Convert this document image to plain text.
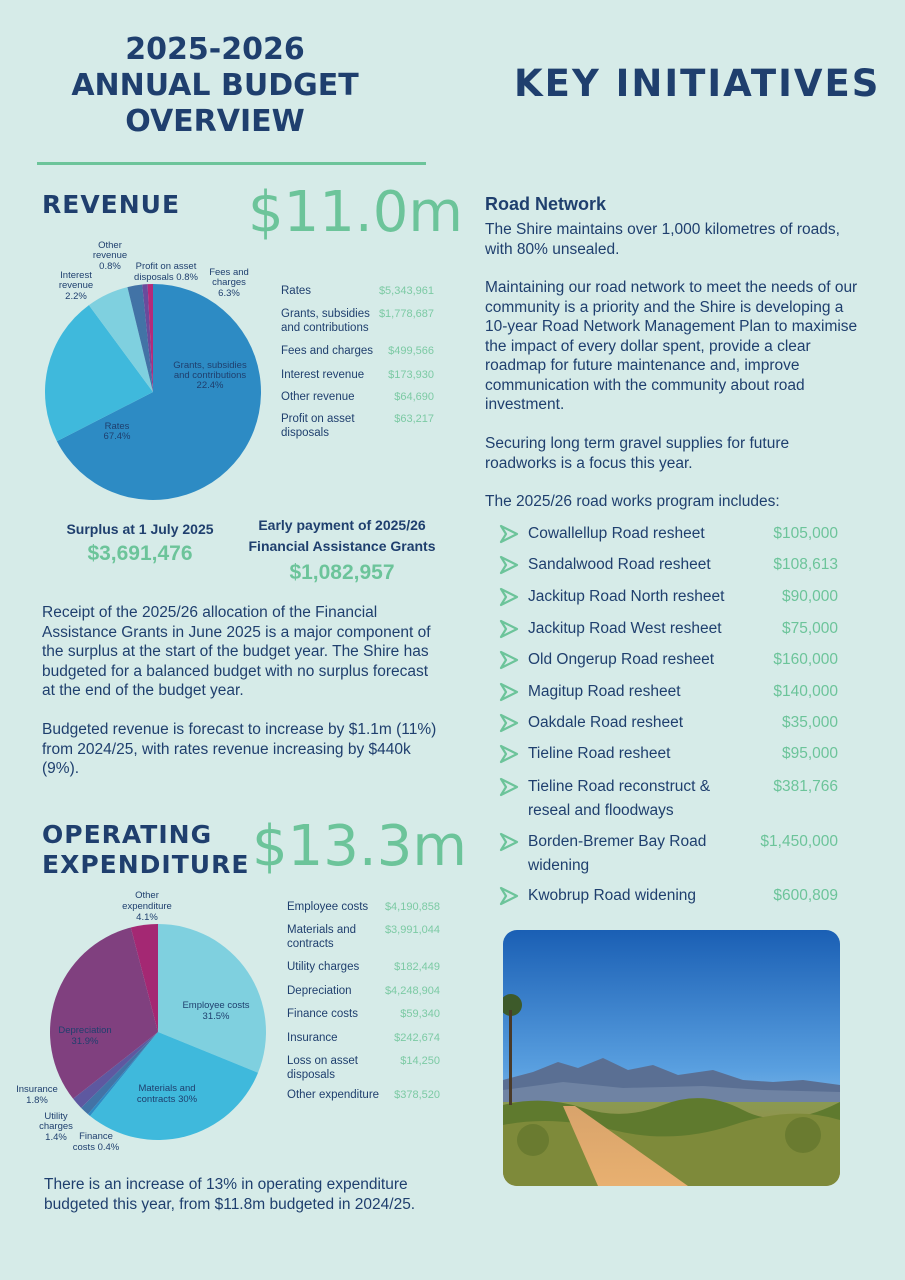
2025-2026
ANNUAL BUDGET
OVERVIEW
KEY INITIATIVES
REVENUE $11.0m
Rates
67.4%
Grants, subsidies
and contributions
22.4%
Fees and
charges
6.3%
Interest
revenue
2.2%
Other
revenue
0.8% Profit on asset
disposals 0.8%
Rates	$5,343,961
Grants, subsidies and contributions
$1,778,687
Fees and charges	$499,566
Interest revenue	$173,930
Other revenue	$64,690
Profit on asset disposals
$63,217
Surplus at 1 July 2025
$3,691,476
Early payment of 2025/26
Financial Assistance Grants
$1,082,957
Receipt of the 2025/26 allocation of the Financial Assistance Grants in June 2025 is a major component of the surplus at the start of the budget year. The Shire has budgeted for a balanced budget with no surplus forecast at the end of the budget year.
Budgeted revenue is forecast to increase by $1.1m (11%) from 2024/25, with rates revenue increasing by $440k (9%).
OPERATING
EXPENDITURE $13.3m
Employee costs
31.5%
Materials and
contracts 30%
Depreciation
31.9%
Other
expenditure
4.1%
Insurance
1.8%
Utility
charges
1.4% Finance
costs 0.4%
Employee costs	$4,190,858
Materials and contracts
$3,991,044
Utility charges	$182,449
Depreciation	$4,248,904
Finance costs	$59,340
Insurance	$242,674
Loss on asset disposals
$14,250
Other expenditure	$378,520
There is an increase of 13% in operating expenditure budgeted this year, from $11.8m budgeted in 2024/25.
Road Network
The Shire maintains over 1,000 kilometres of roads, with 80% unsealed.
Maintaining our road network to meet the needs of our community is a priority and the Shire is developing a 10-year Road Network Management Plan to maximise the impact of every dollar spent, provide a clear roadmap for future maintenance and, improve communication with the community about road investment.
Securing long term gravel supplies for future roadworks is a focus this year.
The 2025/26 road works program includes:
Cowallellup Road resheet	$105,000
Sandalwood Road resheet	$108,613
Jackitup Road North resheet	$90,000
Jackitup Road West resheet	$75,000
Old Ongerup Road resheet	$160,000
Magitup Road resheet	$140,000
Oakdale Road resheet	$35,000
Tieline Road resheet	$95,000
Tieline Road reconstruct & reseal and floodways
$381,766
Borden-Bremer Bay Road widening
$1,450,000
Kwobrup Road widening	$600,809
